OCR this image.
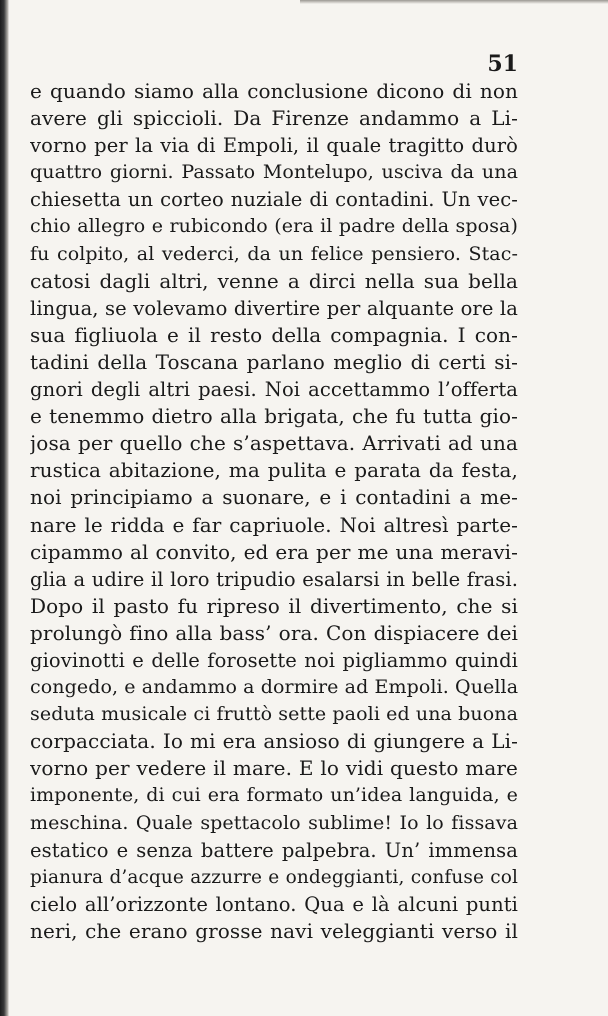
51
e quando siamo alla conclusione dicono di non
avere gli spiccioli. Da Firenze andammo a Li-
vorno per la via di Empoli, il quale tragitto durò
quattro giorni. Passato Montelupo, usciva da una
chiesetta un corteo nuziale di contadini. Un vec-
chio allegro e rubicondo (era il padre della sposa)
fu colpito, al vederci, da un felice pensiero. Stac-
catosi dagli altri, venne a dirci nella sua bella
lingua, se volevamo divertire per alquante ore la
sua figliuola e il resto della compagnia. I con-
tadini della Toscana parlano meglio di certi si-
gnori degli altri paesi. Noi accettammo l’offerta
e tenemmo dietro alla brigata, che fu tutta gio-
josa per quello che s’aspettava. Arrivati ad una
rustica abitazione, ma pulita e parata da festa,
noi principiamo a suonare, e i contadini a me-
nare le ridda e far capriuole. Noi altresì parte-
cipammo al convito, ed era per me una meravi-
glia a udire il loro tripudio esalarsi in belle frasi.
Dopo il pasto fu ripreso il divertimento, che si
prolungò fino alla bass’ ora. Con dispiacere dei
giovinotti e delle forosette noi pigliammo quindi
congedo, e andammo a dormire ad Empoli. Quella
seduta musicale ci fruttò sette paoli ed una buona
corpacciata. Io mi era ansioso di giungere a Li-
vorno per vedere il mare. E lo vidi questo mare
imponente, di cui era formato un’idea languida, e
meschina. Quale spettacolo sublime! Io lo fissava
estatico e senza battere palpebra. Un’ immensa
pianura d’acque azzurre e ondeggianti, confuse col
cielo all’orizzonte lontano. Qua e là alcuni punti
neri, che erano grosse navi veleggianti verso il
